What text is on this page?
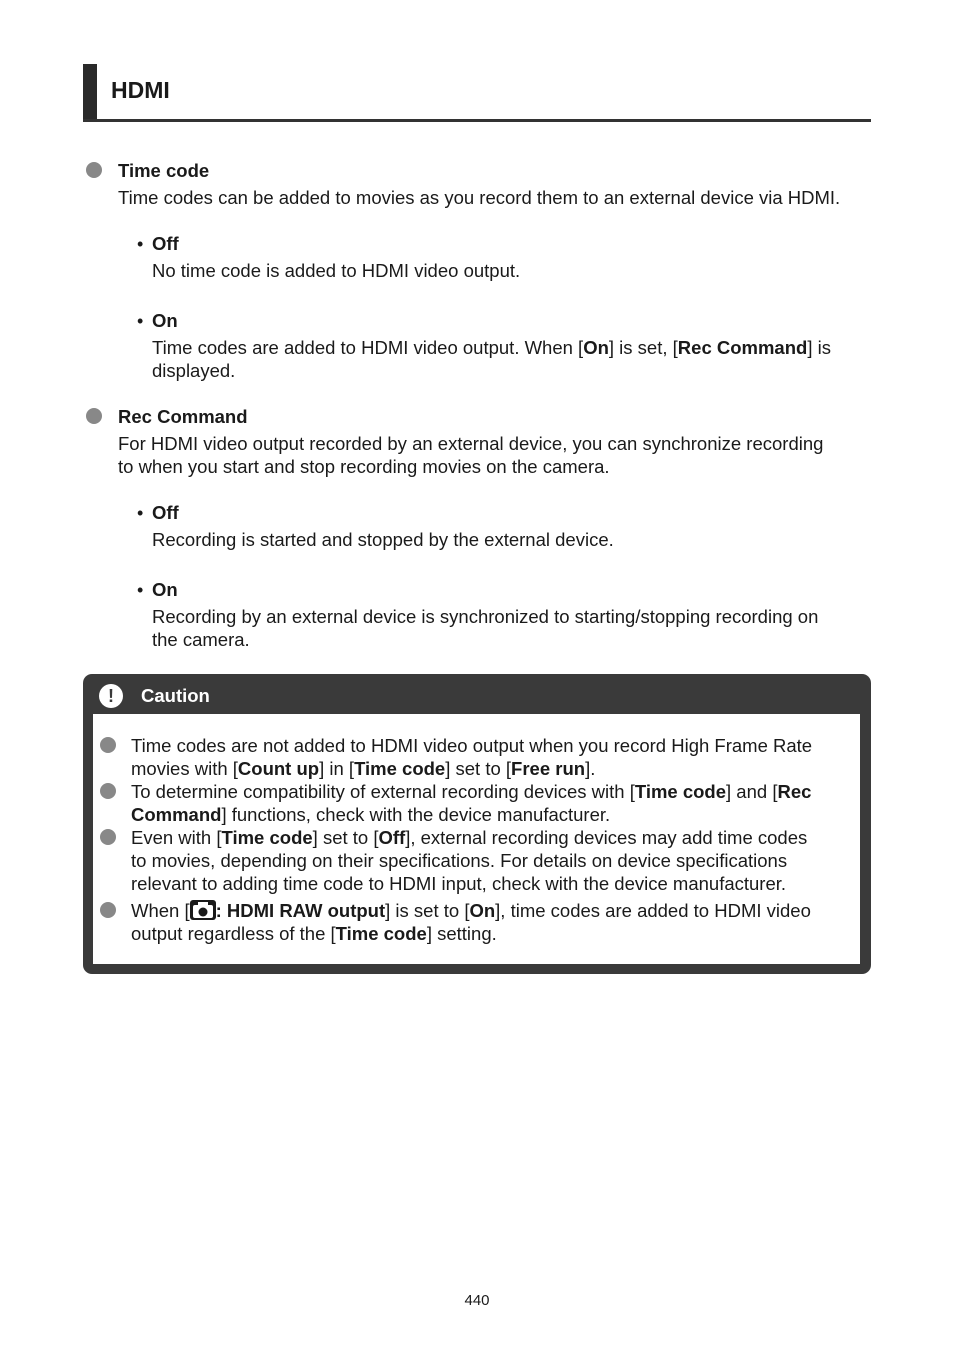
HDMI
Time code
Time codes can be added to movies as you record them to an external device via HDMI.
• Off
No time code is added to HDMI video output.
• On
Time codes are added to HDMI video output. When [On] is set, [Rec Command] is
displayed.
Rec Command
For HDMI video output recorded by an external device, you can synchronize recording
to when you start and stop recording movies on the camera.
• Off
Recording is started and stopped by the external device.
• On
Recording by an external device is synchronized to starting/stopping recording on
the camera.
!	Caution
Time codes are not added to HDMI video output when you record High Frame Rate
movies with [Count up] in [Time code] set to [Free run].
To determine compatibility of external recording devices with [Time code] and [Rec
Command] functions, check with the device manufacturer.
Even with [Time code] set to [Off], external recording devices may add time codes
to movies, depending on their specifications. For details on device specifications
relevant to adding time code to HDMI input, check with the device manufacturer.
When [ : HDMI RAW output] is set to [On], time codes are added to HDMI video
output regardless of the [Time code] setting.
440
